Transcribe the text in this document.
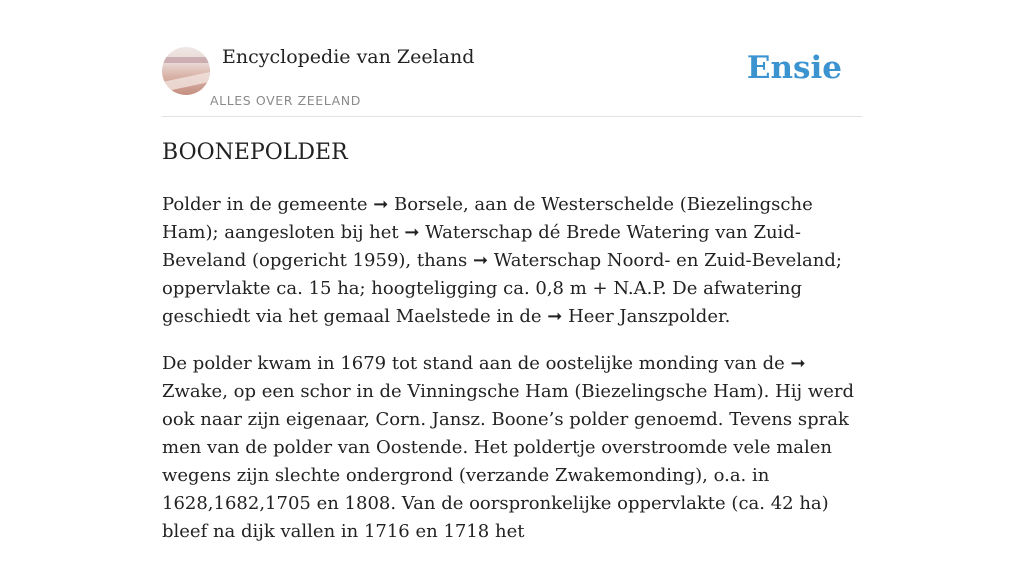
Encyclopedie van Zeeland
ALLES OVER ZEELAND
Ensie
BOONEPOLDER

Polder in de gemeente ➞ Borsele, aan de Westerschelde (Biezelingsche Ham); aangesloten bij het ➞ Waterschap dé Brede Watering van Zuid-Beveland (opgericht 1959), thans ➞ Waterschap Noord- en Zuid-Beveland; oppervlakte ca. 15 ha; hoogteligging ca. 0,8 m + N.A.P. De afwatering geschiedt via het gemaal Maelstede in de ➞ Heer Janszpolder.

De polder kwam in 1679 tot stand aan de oostelijke monding van de ➞ Zwake, op een schor in de Vinningsche Ham (Biezelingsche Ham). Hij werd ook naar zijn eigenaar, Corn. Jansz. Boone’s polder genoemd. Tevens sprak men van de polder van Oostende. Het poldertje overstroomde vele malen wegens zijn slechte ondergrond (verzande Zwakemonding), o.a. in 1628,1682,1705 en 1808. Van de oorspronkelijke oppervlakte (ca. 42 ha) bleef na dijk vallen in 1716 en 1718 het
